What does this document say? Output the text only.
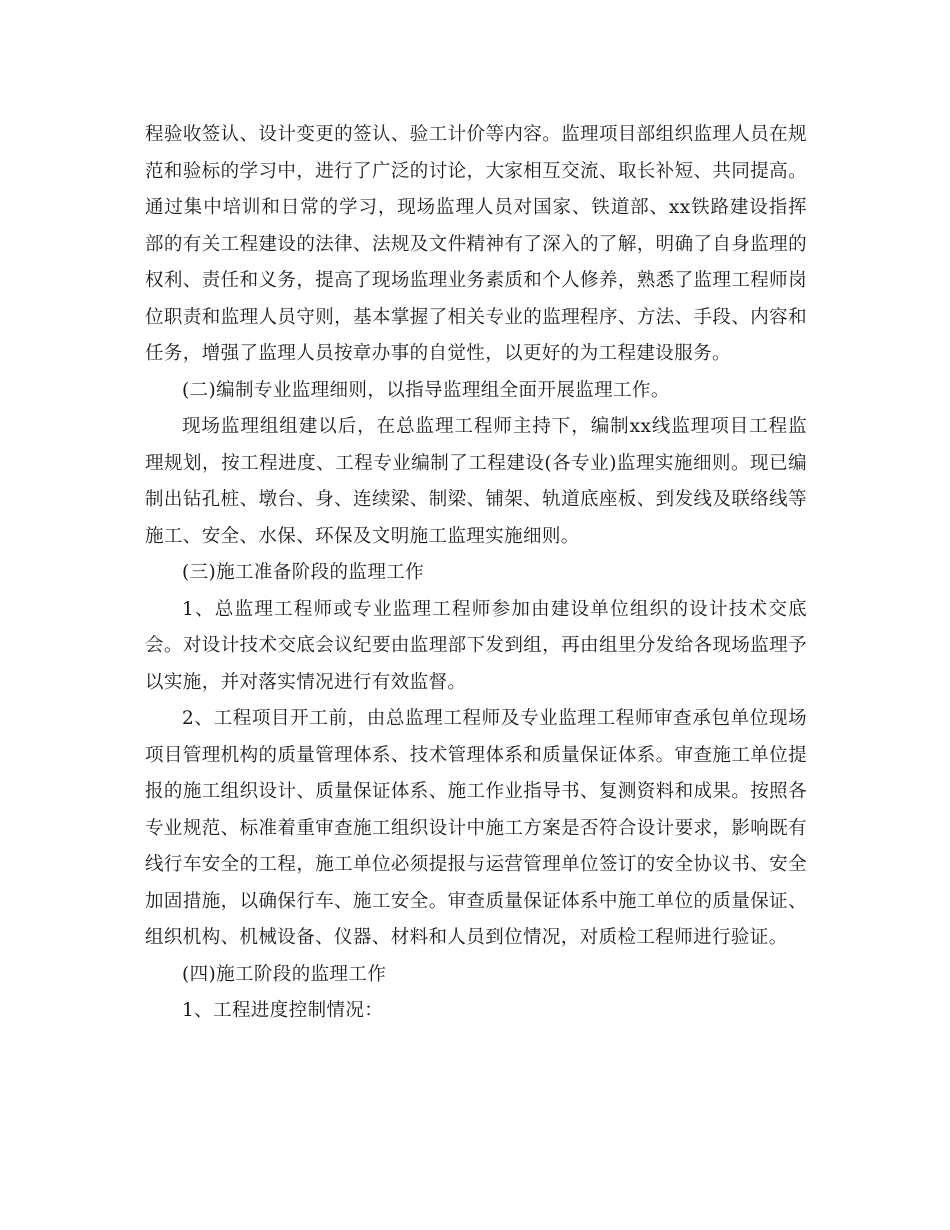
程验收签认、设计变更的签认、验工计价等内容。监理项目部组织监理人员在规范和验标的学习中，进行了广泛的讨论，大家相互交流、取长补短、共同提高。通过集中培训和日常的学习，现场监理人员对国家、铁道部、xx铁路建设指挥部的有关工程建设的法律、法规及文件精神有了深入的了解，明确了自身监理的权利、责任和义务，提高了现场监理业务素质和个人修养，熟悉了监理工程师岗位职责和监理人员守则，基本掌握了相关专业的监理程序、方法、手段、内容和任务，增强了监理人员按章办事的自觉性，以更好的为工程建设服务。

(二)编制专业监理细则，以指导监理组全面开展监理工作。

现场监理组组建以后，在总监理工程师主持下，编制xx线监理项目工程监理规划，按工程进度、工程专业编制了工程建设(各专业)监理实施细则。现已编制出钻孔桩、墩台、身、连续梁、制梁、铺架、轨道底座板、到发线及联络线等施工、安全、水保、环保及文明施工监理实施细则。

(三)施工准备阶段的监理工作

1、总监理工程师或专业监理工程师参加由建设单位组织的设计技术交底会。对设计技术交底会议纪要由监理部下发到组，再由组里分发给各现场监理予以实施，并对落实情况进行有效监督。

2、工程项目开工前，由总监理工程师及专业监理工程师审查承包单位现场项目管理机构的质量管理体系、技术管理体系和质量保证体系。审查施工单位提报的施工组织设计、质量保证体系、施工作业指导书、复测资料和成果。按照各专业规范、标准着重审查施工组织设计中施工方案是否符合设计要求，影响既有线行车安全的工程，施工单位必须提报与运营管理单位签订的安全协议书、安全加固措施，以确保行车、施工安全。审查质量保证体系中施工单位的质量保证、组织机构、机械设备、仪器、材料和人员到位情况，对质检工程师进行验证。

(四)施工阶段的监理工作

1、工程进度控制情况：
